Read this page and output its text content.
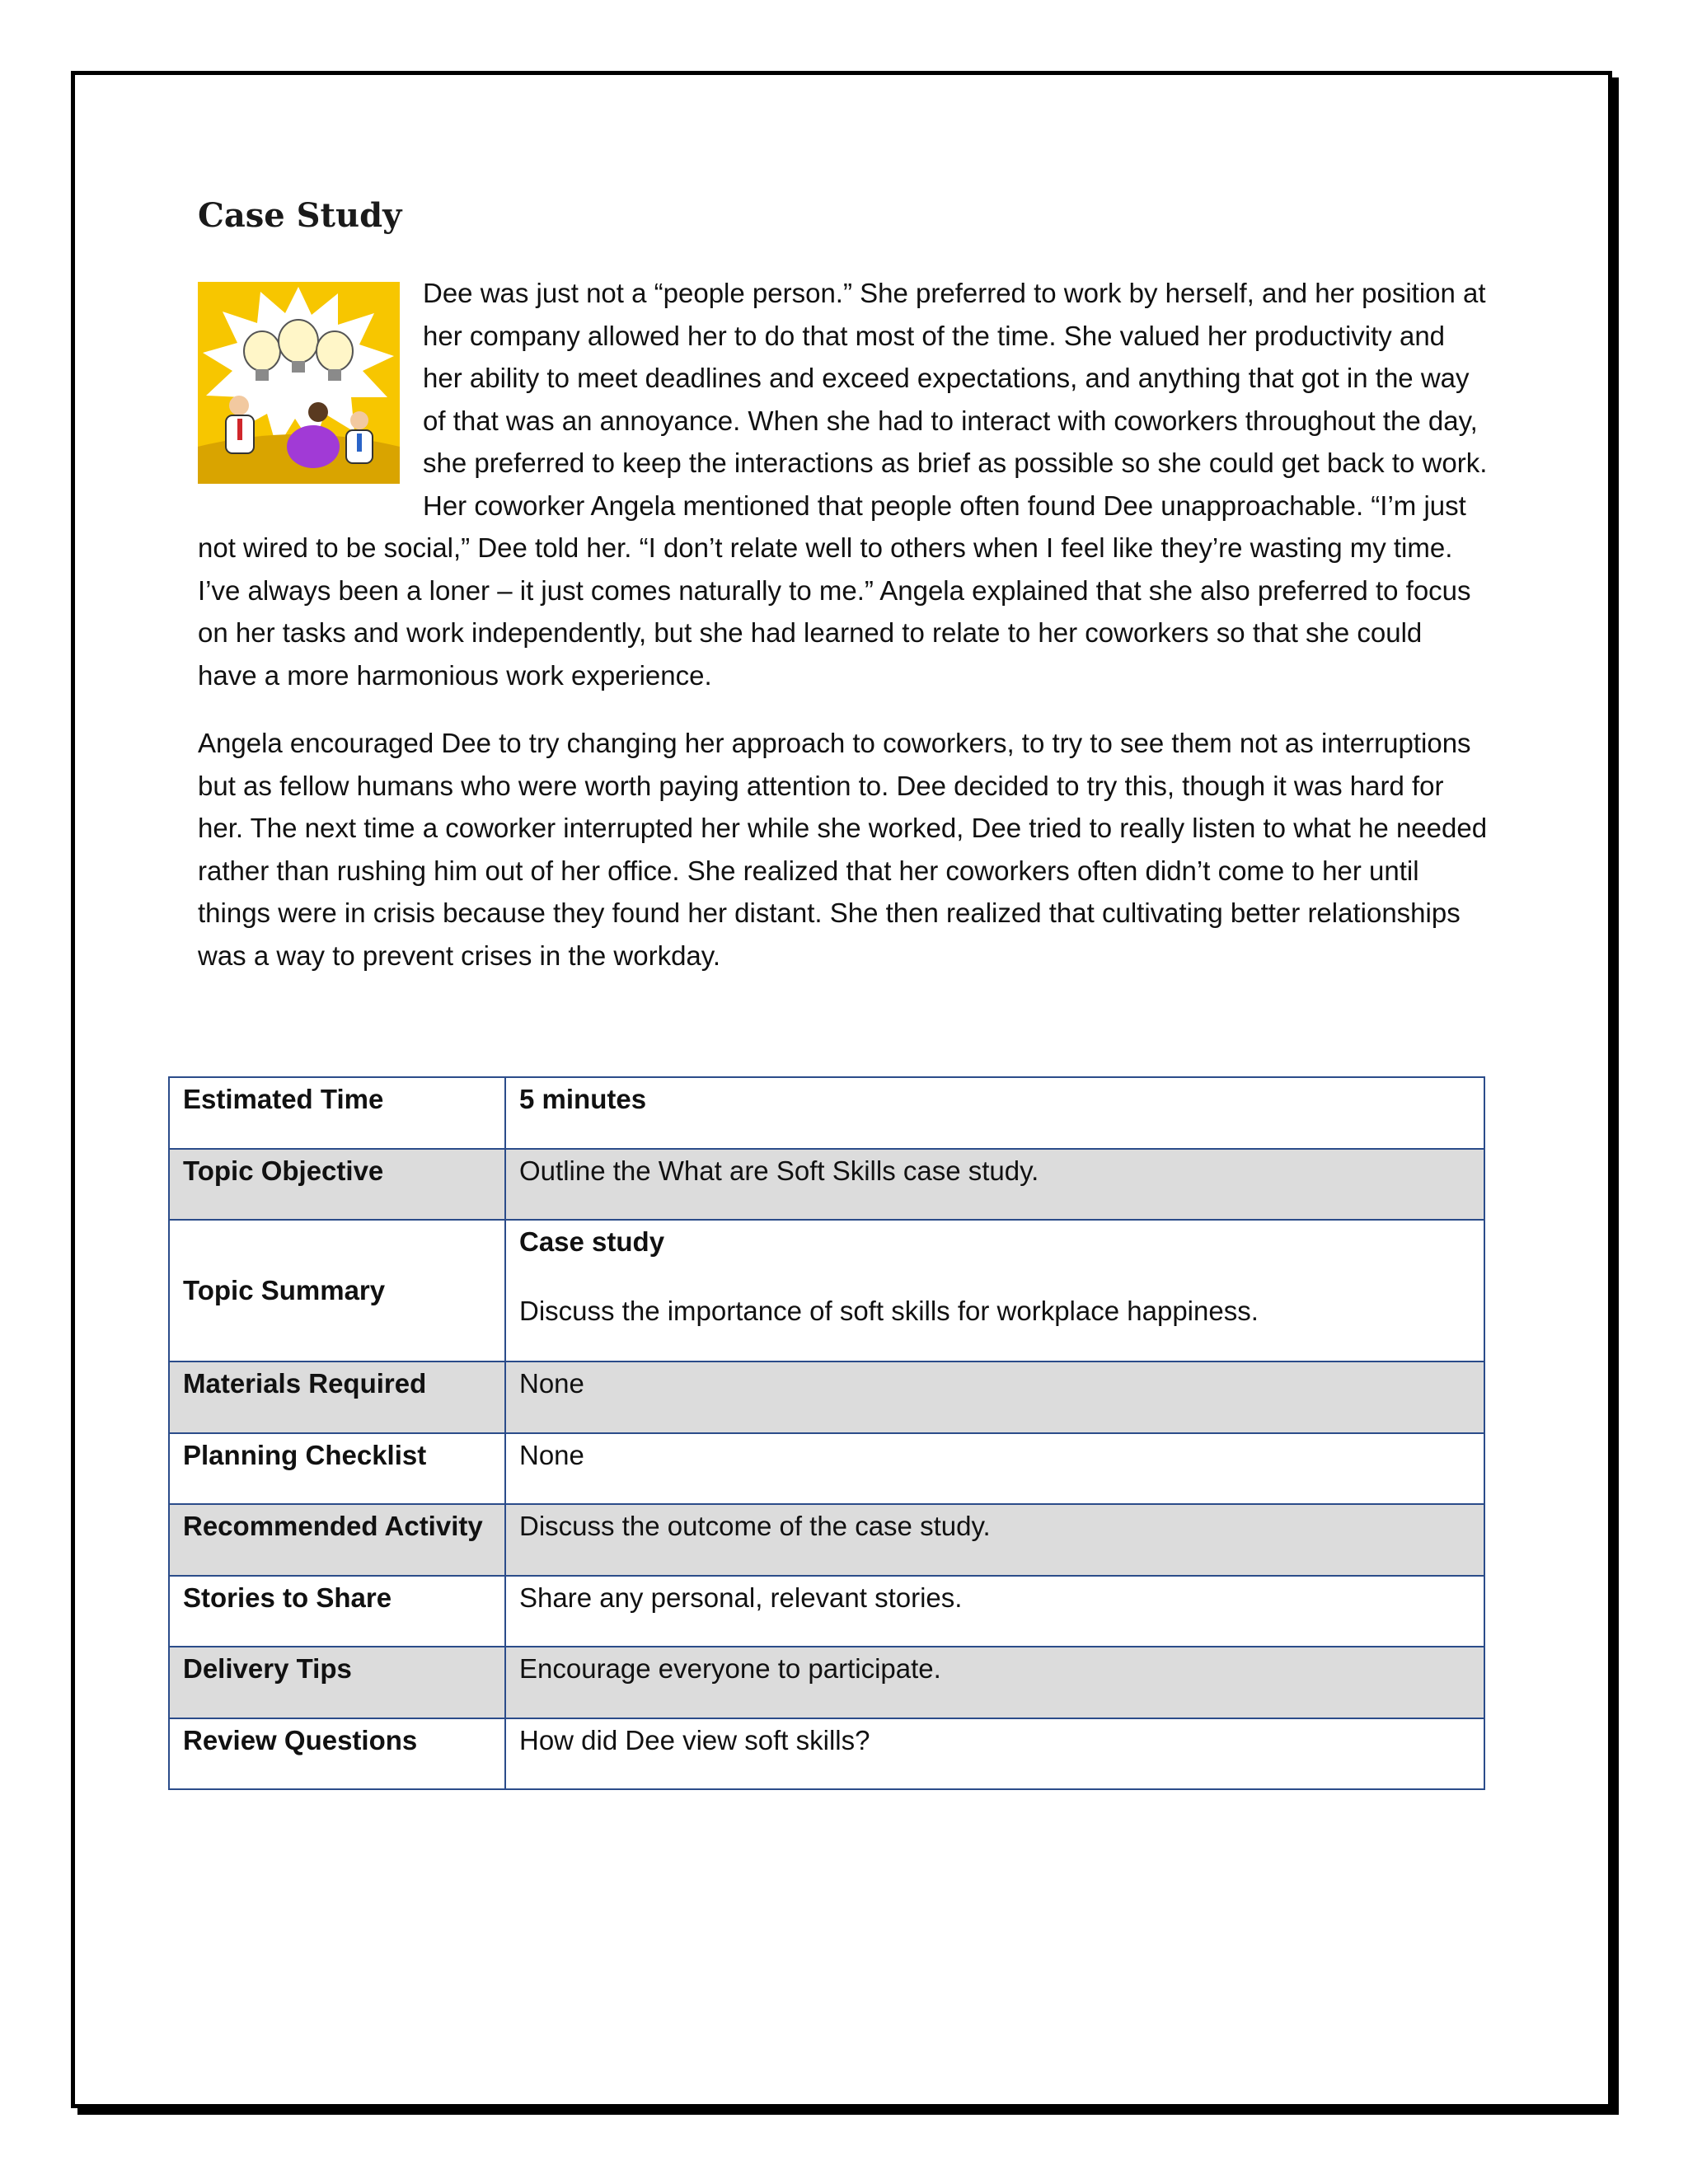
Case Study

Dee was just not a “people person.” She preferred to work by herself, and her position at her company allowed her to do that most of the time. She valued her productivity and her ability to meet deadlines and exceed expectations, and anything that got in the way of that was an annoyance. When she had to interact with coworkers throughout the day, she preferred to keep the interactions as brief as possible so she could get back to work. Her coworker Angela mentioned that people often found Dee unapproachable. “I’m just not wired to be social,” Dee told her. “I don’t relate well to others when I feel like they’re wasting my time. I’ve always been a loner – it just comes naturally to me.” Angela explained that she also preferred to focus on her tasks and work independently, but she had learned to relate to her coworkers so that she could have a more harmonious work experience.

Angela encouraged Dee to try changing her approach to coworkers, to try to see them not as interruptions but as fellow humans who were worth paying attention to. Dee decided to try this, though it was hard for her. The next time a coworker interrupted her while she worked, Dee tried to really listen to what he needed rather than rushing him out of her office. She realized that her coworkers often didn’t come to her until things were in crisis because they found her distant. She then realized that cultivating better relationships was a way to prevent crises in the workday.

Estimated Time	5 minutes
Topic Objective	Outline the What are Soft Skills case study.
Topic Summary	Case study
Discuss the importance of soft skills for workplace happiness.

Materials Required	None
Planning Checklist	None
Recommended Activity	Discuss the outcome of the case study.
Stories to Share	Share any personal, relevant stories.
Delivery Tips	Encourage everyone to participate.
Review Questions	How did Dee view soft skills?
